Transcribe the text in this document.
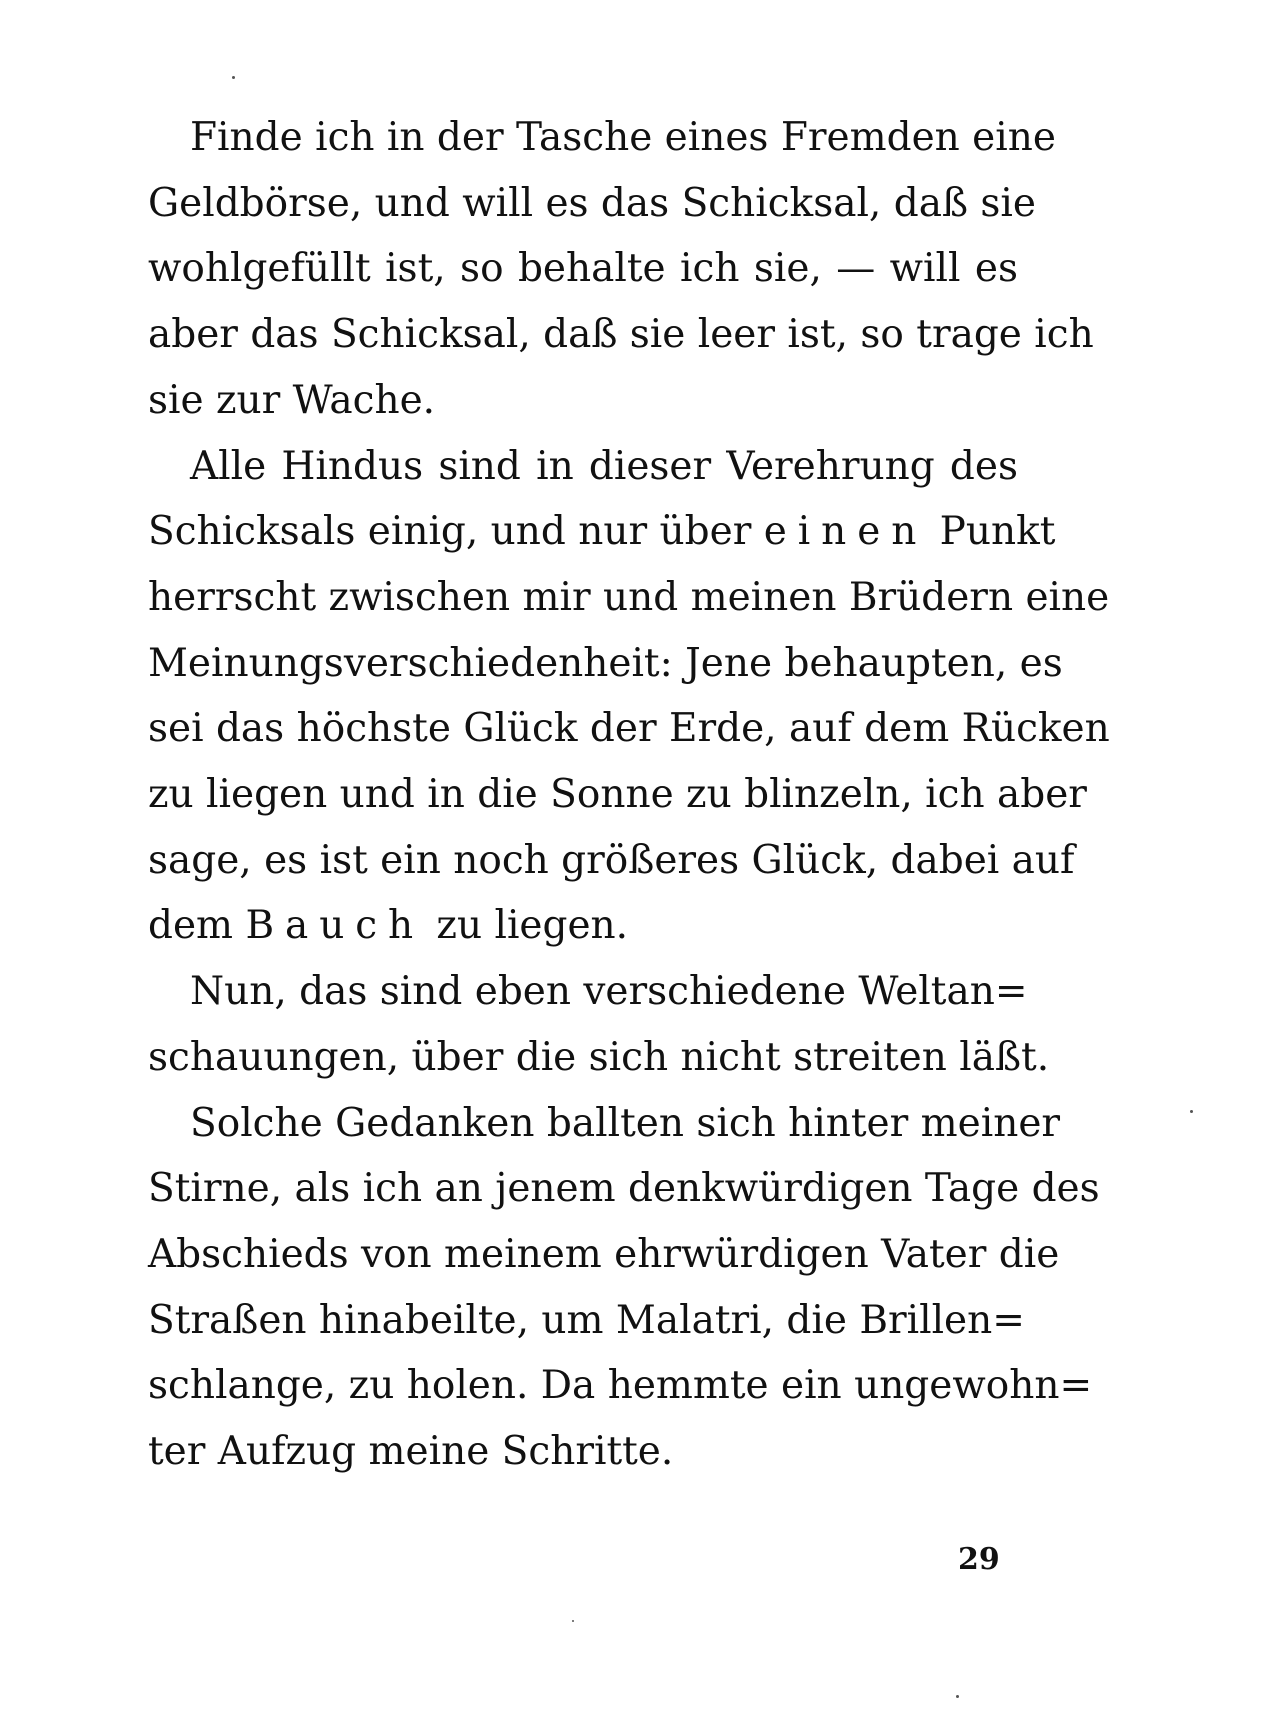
Finde ich in der Tasche eines Fremden eine
Geldbörse, und will es das Schicksal, daß sie
wohlgefüllt ist, so behalte ich sie, — will es
aber das Schicksal, daß sie leer ist, so trage ich
sie zur Wache.

Alle Hindus sind in dieser Verehrung des
Schicksals einig, und nur über einen Punkt
herrscht zwischen mir und meinen Brüdern eine
Meinungsverschiedenheit: Jene behaupten, es
sei das höchste Glück der Erde, auf dem Rücken
zu liegen und in die Sonne zu blinzeln, ich aber
sage, es ist ein noch größeres Glück, dabei auf
dem Bauch zu liegen.

Nun, das sind eben verschiedene Weltan=
schauungen, über die sich nicht streiten läßt.

Solche Gedanken ballten sich hinter meiner
Stirne, als ich an jenem denkwürdigen Tage des
Abschieds von meinem ehrwürdigen Vater die
Straßen hinabeilte, um Malatri, die Brillen=
schlange, zu holen. Da hemmte ein ungewohn=
ter Aufzug meine Schritte.

29
